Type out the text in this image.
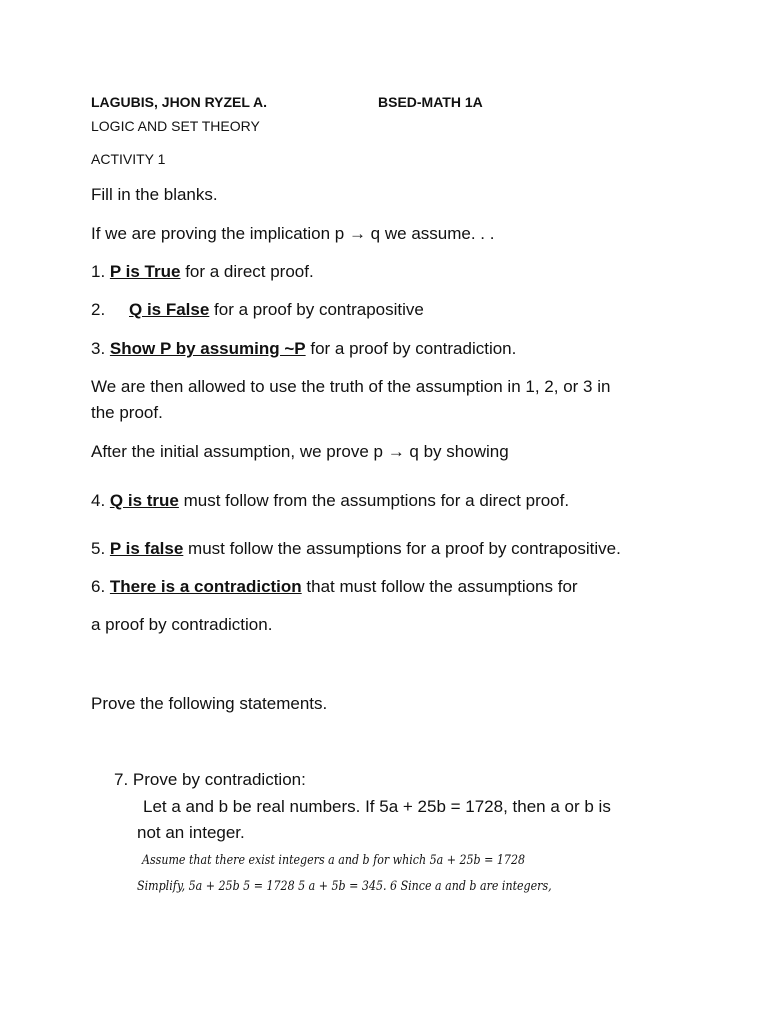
LAGUBIS, JHON RYZEL A.	BSED-MATH 1A
LOGIC AND SET THEORY
ACTIVITY 1
Fill in the blanks.
If we are proving the implication p → q we assume. . .
1. P is True for a direct proof.
2. Q is False for a proof by contrapositive
3. Show P by assuming ~P for a proof by contradiction.
We are then allowed to use the truth of the assumption in 1, 2, or 3 in
the proof.
After the initial assumption, we prove p → q by showing
4. Q is true must follow from the assumptions for a direct proof.
5. P is false must follow the assumptions for a proof by contrapositive.
6. There is a contradiction that must follow the assumptions for
a proof by contradiction.
Prove the following statements.
7. Prove by contradiction:
Let a and b be real numbers. If 5a + 25b = 1728, then a or b is
not an integer.
Assume that there exist integers a and b for which 5a + 25b = 1728
Simplify, 5a + 25b 5 = 1728 5 a + 5b = 345. 6 Since a and b are integers,
